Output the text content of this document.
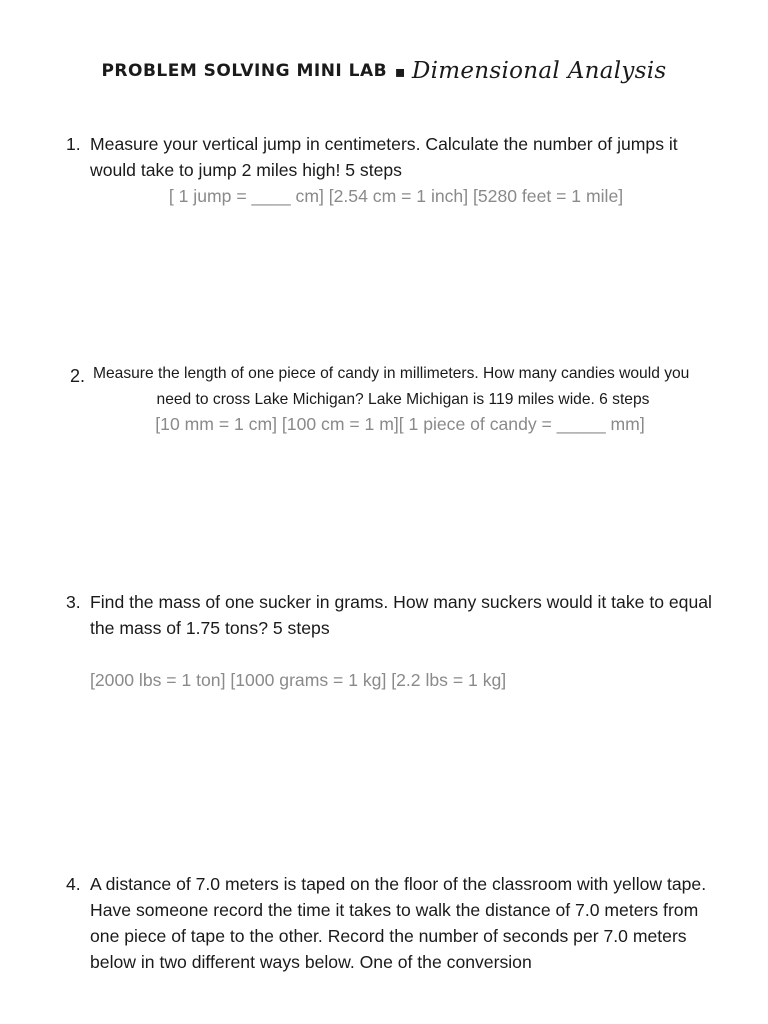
PROBLEM SOLVING MINI LAB ▪ Dimensional Analysis
1. Measure your vertical jump in centimeters. Calculate the number of jumps it would take to jump 2 miles high! 5 steps
[ 1 jump = ____ cm] [2.54 cm = 1 inch] [5280 feet = 1 mile]
2. Measure the length of one piece of candy in millimeters. How many candies would you
need to cross Lake Michigan? Lake Michigan is 119 miles wide. 6 steps
[10 mm = 1 cm] [100 cm = 1 m][ 1 piece of candy = _____ mm]
3. Find the mass of one sucker in grams. How many suckers would it take to equal the mass of 1.75 tons? 5 steps
[2000 lbs = 1 ton] [1000 grams = 1 kg] [2.2 lbs = 1 kg]
4. A distance of 7.0 meters is taped on the floor of the classroom with yellow tape. Have someone record the time it takes to walk the distance of 7.0 meters from one piece of tape to the other. Record the number of seconds per 7.0 meters below in two different ways below. One of the conversion
